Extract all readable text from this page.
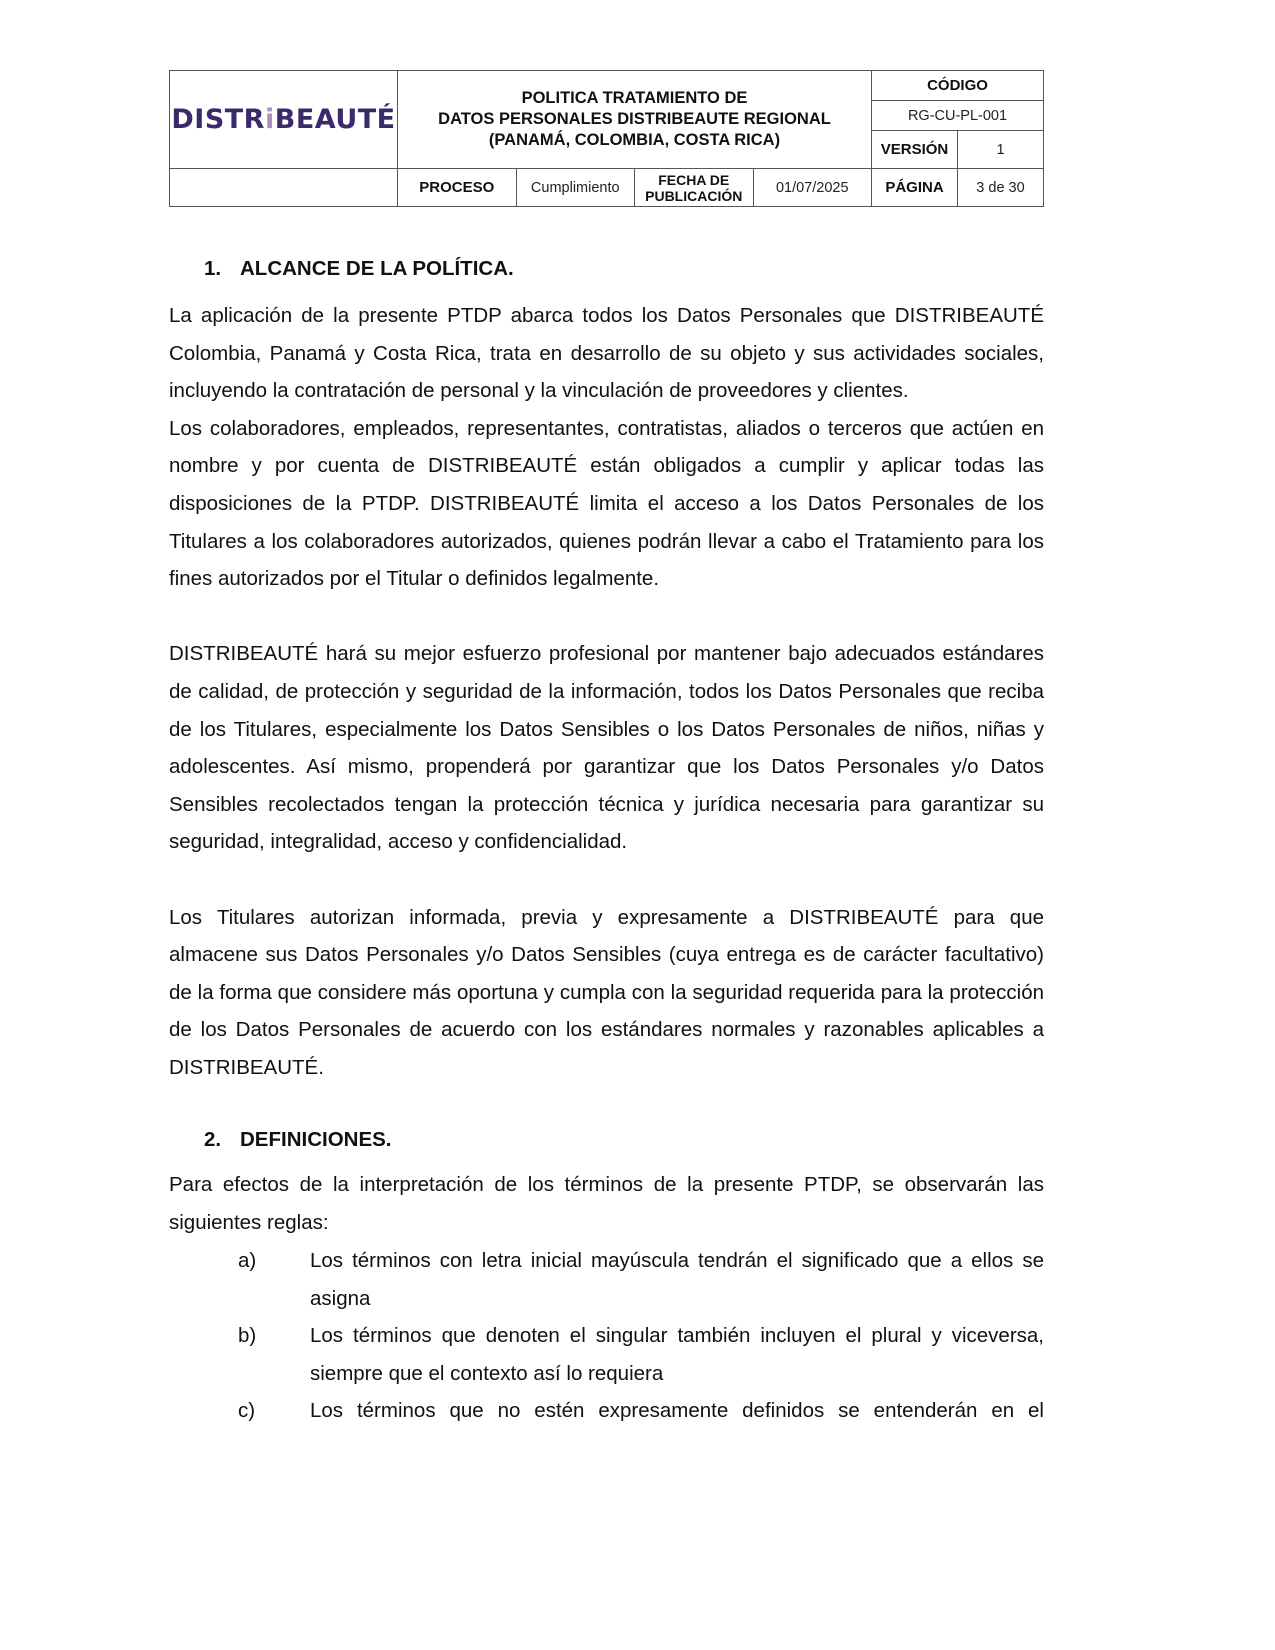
DISTRiBEAUTÉ	POLITICA TRATAMIENTO DE
DATOS PERSONALES DISTRIBEAUTE REGIONAL
(PANAMÁ, COLOMBIA, COSTA RICA)				CÓDIGO	
					RG-CU-PL-001	
					VERSIÓN	1
	PROCESO	Cumplimiento	FECHA DE
PUBLICACIÓN	01/07/2025	PÁGINA	3 de 30
1. ALCANCE DE LA POLÍTICA.

La aplicación de la presente PTDP abarca todos los Datos Personales que DISTRIBEAUTÉ Colombia, Panamá y Costa Rica, trata en desarrollo de su objeto y sus actividades sociales, incluyendo la contratación de personal y la vinculación de proveedores y clientes.

Los colaboradores, empleados, representantes, contratistas, aliados o terceros que actúen en nombre y por cuenta de DISTRIBEAUTÉ están obligados a cumplir y aplicar todas las disposiciones de la PTDP. DISTRIBEAUTÉ limita el acceso a los Datos Personales de los Titulares a los colaboradores autorizados, quienes podrán llevar a cabo el Tratamiento para los fines autorizados por el Titular o definidos legalmente.

DISTRIBEAUTÉ hará su mejor esfuerzo profesional por mantener bajo adecuados estándares de calidad, de protección y seguridad de la información, todos los Datos Personales que reciba de los Titulares, especialmente los Datos Sensibles o los Datos Personales de niños, niñas y adolescentes. Así mismo, propenderá por garantizar que los Datos Personales y/o Datos Sensibles recolectados tengan la protección técnica y jurídica necesaria para garantizar su seguridad, integralidad, acceso y confidencialidad.

Los Titulares autorizan informada, previa y expresamente a DISTRIBEAUTÉ para que almacene sus Datos Personales y/o Datos Sensibles (cuya entrega es de carácter facultativo) de la forma que considere más oportuna y cumpla con la seguridad requerida para la protección de los Datos Personales de acuerdo con los estándares normales y razonables aplicables a DISTRIBEAUTÉ.

2. DEFINICIONES.

Para efectos de la interpretación de los términos de la presente PTDP, se observarán las siguientes reglas:

a)	Los términos con letra inicial mayúscula tendrán el significado que a ellos se asigna
b)	Los términos que denoten el singular también incluyen el plural y viceversa, siempre que el contexto así lo requiera
c)	Los términos que no estén expresamente definidos se entenderán en el
